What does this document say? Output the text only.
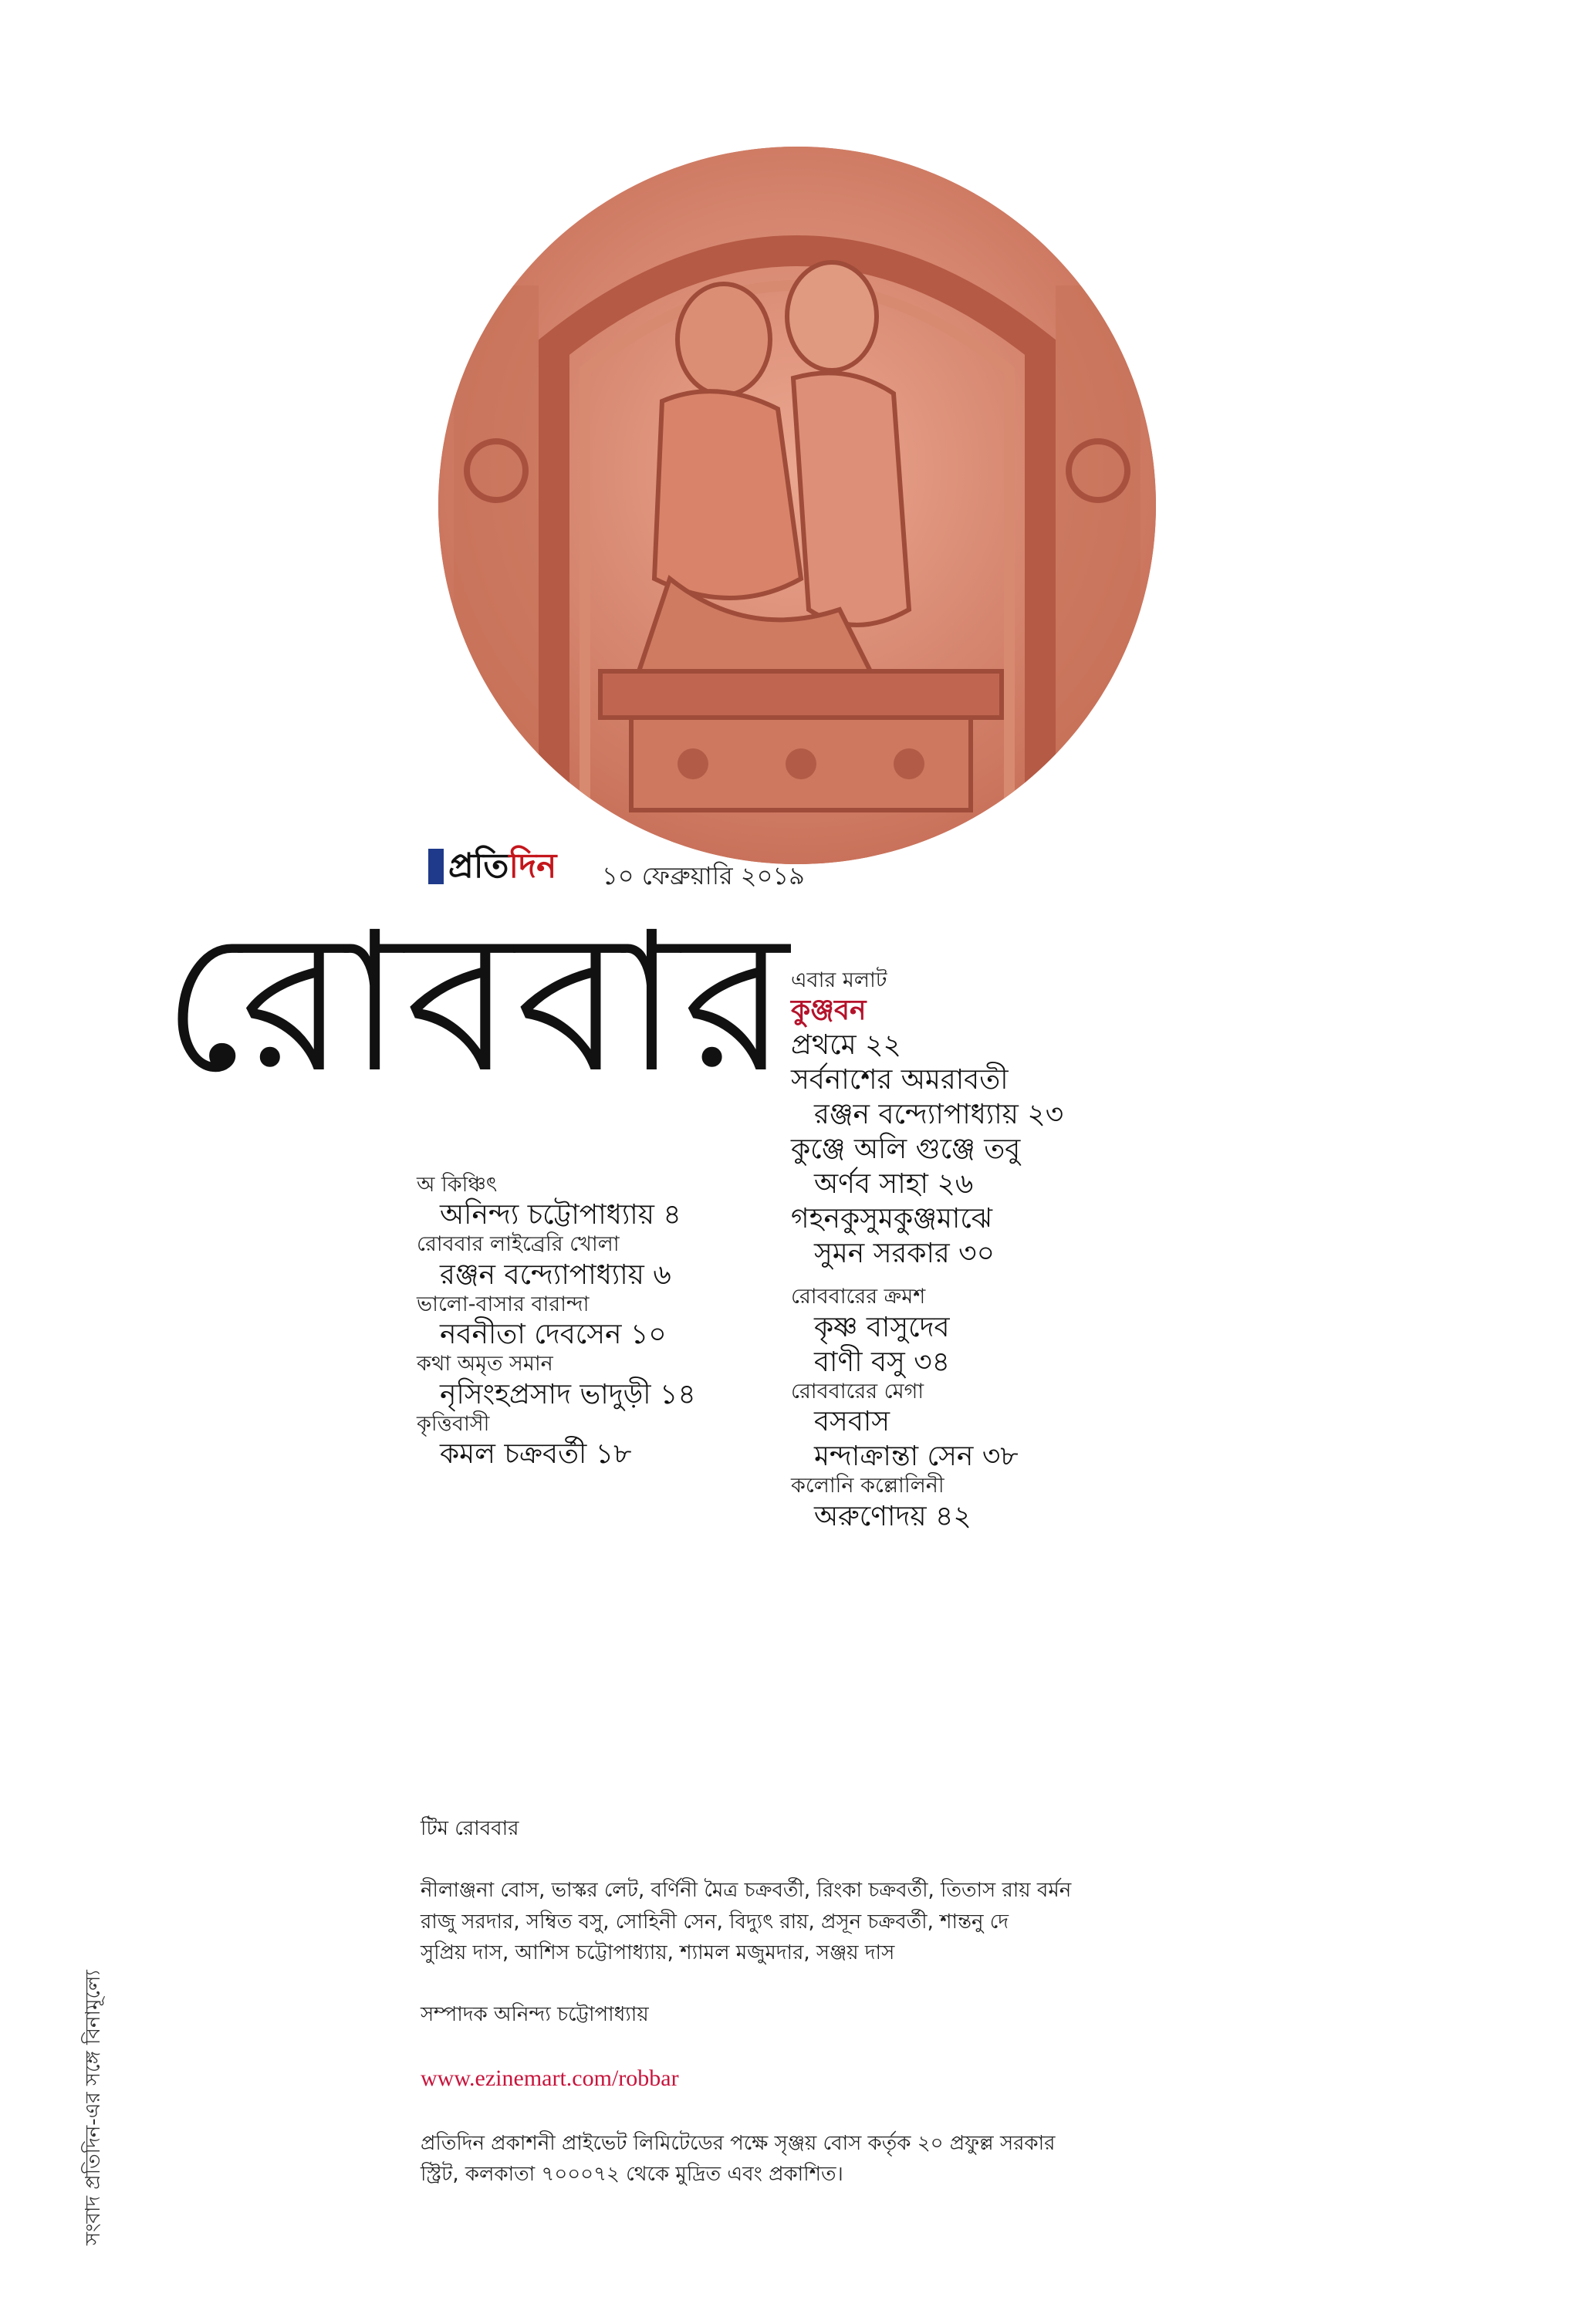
প্রতিদিন ১০ ফেব্রুয়ারি ২০১৯
রোববার
অ কিঞ্চিৎ
অনিন্দ্য চট্টোপাধ্যায় ৪
রোববার লাইব্রেরি খোলা
রঞ্জন বন্দ্যোপাধ্যায় ৬
ভালো-বাসার বারান্দা
নবনীতা দেবসেন ১০
কথা অমৃত সমান
নৃসিংহপ্রসাদ ভাদুড়ী ১৪
কৃত্তিবাসী
কমল চক্রবর্তী ১৮
এবার মলাট
কুঞ্জবন
প্রথমে ২২
সর্বনাশের অমরাবতী
রঞ্জন বন্দ্যোপাধ্যায় ২৩
কুঞ্জে অলি গুঞ্জে তবু
অর্ণব সাহা ২৬
গহনকুসুমকুঞ্জমাঝে
সুমন সরকার ৩০
রোববারের ক্রমশ
কৃষ্ণ বাসুদেব
বাণী বসু ৩৪
রোববারের মেগা
বসবাস
মন্দাক্রান্তা সেন ৩৮
কলোনি কল্লোলিনী
অরুণোদয় ৪২
টিম রোববার
নীলাঞ্জনা বোস, ভাস্কর লেট, বর্ণিনী মৈত্র চক্রবর্তী, রিংকা চক্রবর্তী, তিতাস রায় বর্মন
রাজু সরদার, সম্বিত বসু, সোহিনী সেন, বিদ্যুৎ রায়, প্রসূন চক্রবর্তী, শান্তনু দে
সুপ্রিয় দাস, আশিস চট্টোপাধ্যায়, শ্যামল মজুমদার, সঞ্জয় দাস
সম্পাদক অনিন্দ্য চট্টোপাধ্যায়
www.ezinemart.com/robbar
প্রতিদিন প্রকাশনী প্রাইভেট লিমিটেডের পক্ষে সৃঞ্জয় বোস কর্তৃক ২০ প্রফুল্ল সরকার
স্ট্রিট, কলকাতা ৭০০০৭২ থেকে মুদ্রিত এবং প্রকাশিত।
সংবাদ প্রতিদিন-এর সঙ্গে বিনামূল্যে
